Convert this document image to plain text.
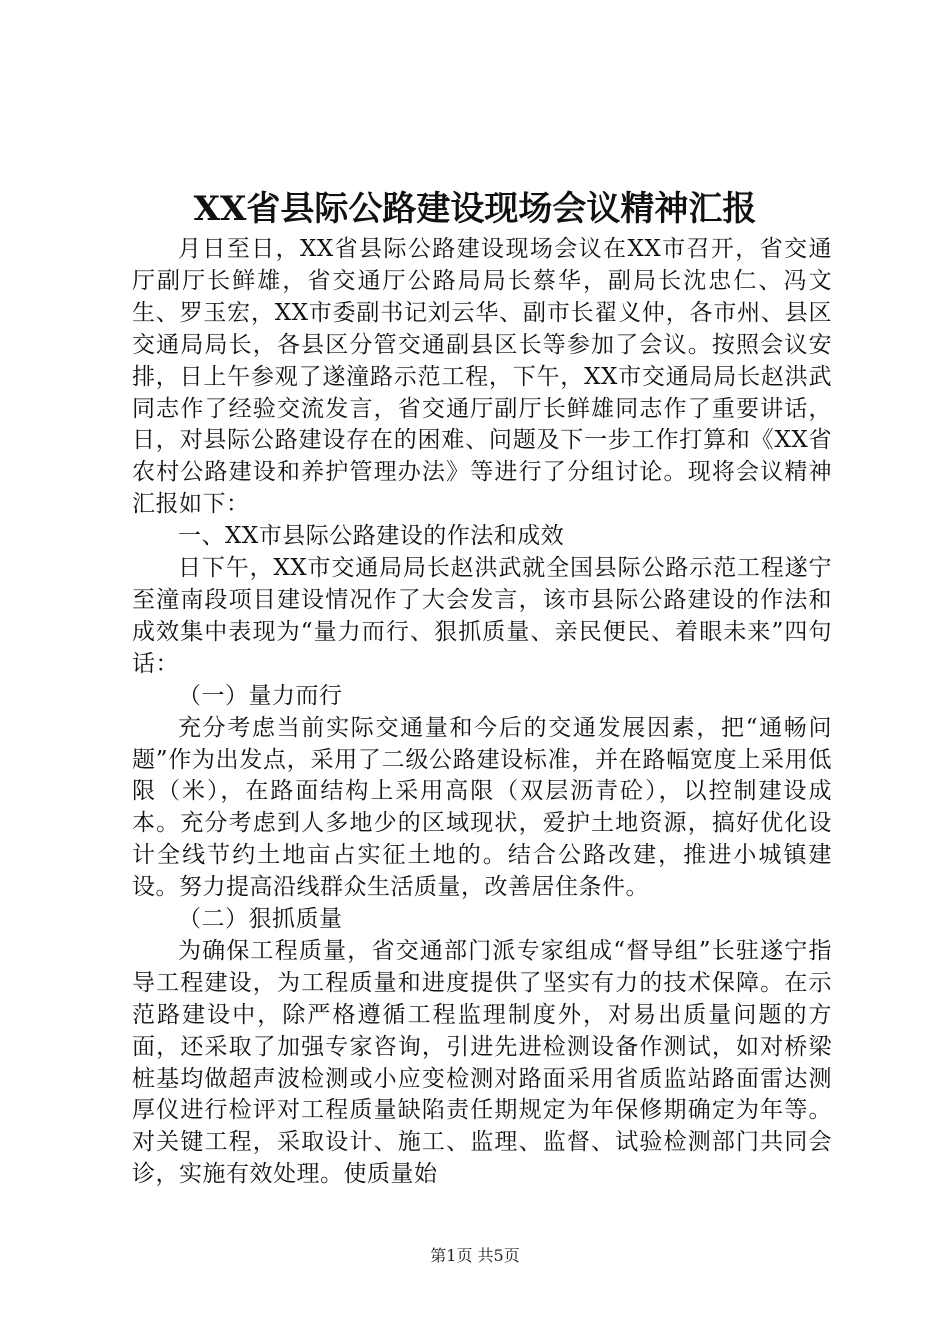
XX省县际公路建设现场会议精神汇报

月日至日，XX省县际公路建设现场会议在XX市召开，省交通厅副厅长鲜雄，省交通厅公路局局长蔡华，副局长沈忠仁、冯文生、罗玉宏，XX市委副书记刘云华、副市长翟义仲，各市州、县区交通局局长，各县区分管交通副县区长等参加了会议。按照会议安排，日上午参观了遂潼路示范工程，下午，XX市交通局局长赵洪武同志作了经验交流发言，省交通厅副厅长鲜雄同志作了重要讲话，日，对县际公路建设存在的困难、问题及下一步工作打算和《XX省农村公路建设和养护管理办法》等进行了分组讨论。现将会议精神汇报如下：

一、XX市县际公路建设的作法和成效

日下午，XX市交通局局长赵洪武就全国县际公路示范工程遂宁至潼南段项目建设情况作了大会发言，该市县际公路建设的作法和成效集中表现为“量力而行、狠抓质量、亲民便民、着眼未来”四句话：

（一）量力而行

充分考虑当前实际交通量和今后的交通发展因素，把“通畅问题”作为出发点，采用了二级公路建设标准，并在路幅宽度上采用低限（米），在路面结构上采用高限（双层沥青砼），以控制建设成本。充分考虑到人多地少的区域现状，爱护土地资源，搞好优化设计全线节约土地亩占实征土地的。结合公路改建，推进小城镇建设。努力提高沿线群众生活质量，改善居住条件。

（二）狠抓质量

为确保工程质量，省交通部门派专家组成“督导组”长驻遂宁指导工程建设，为工程质量和进度提供了坚实有力的技术保障。在示范路建设中，除严格遵循工程监理制度外，对易出质量问题的方面，还采取了加强专家咨询，引进先进检测设备作测试，如对桥梁桩基均做超声波检测或小应变检测对路面采用省质监站路面雷达测厚仪进行检评对工程质量缺陷责任期规定为年保修期确定为年等。对关键工程，采取设计、施工、监理、监督、试验检测部门共同会诊，实施有效处理。使质量始

第1页 共5页
